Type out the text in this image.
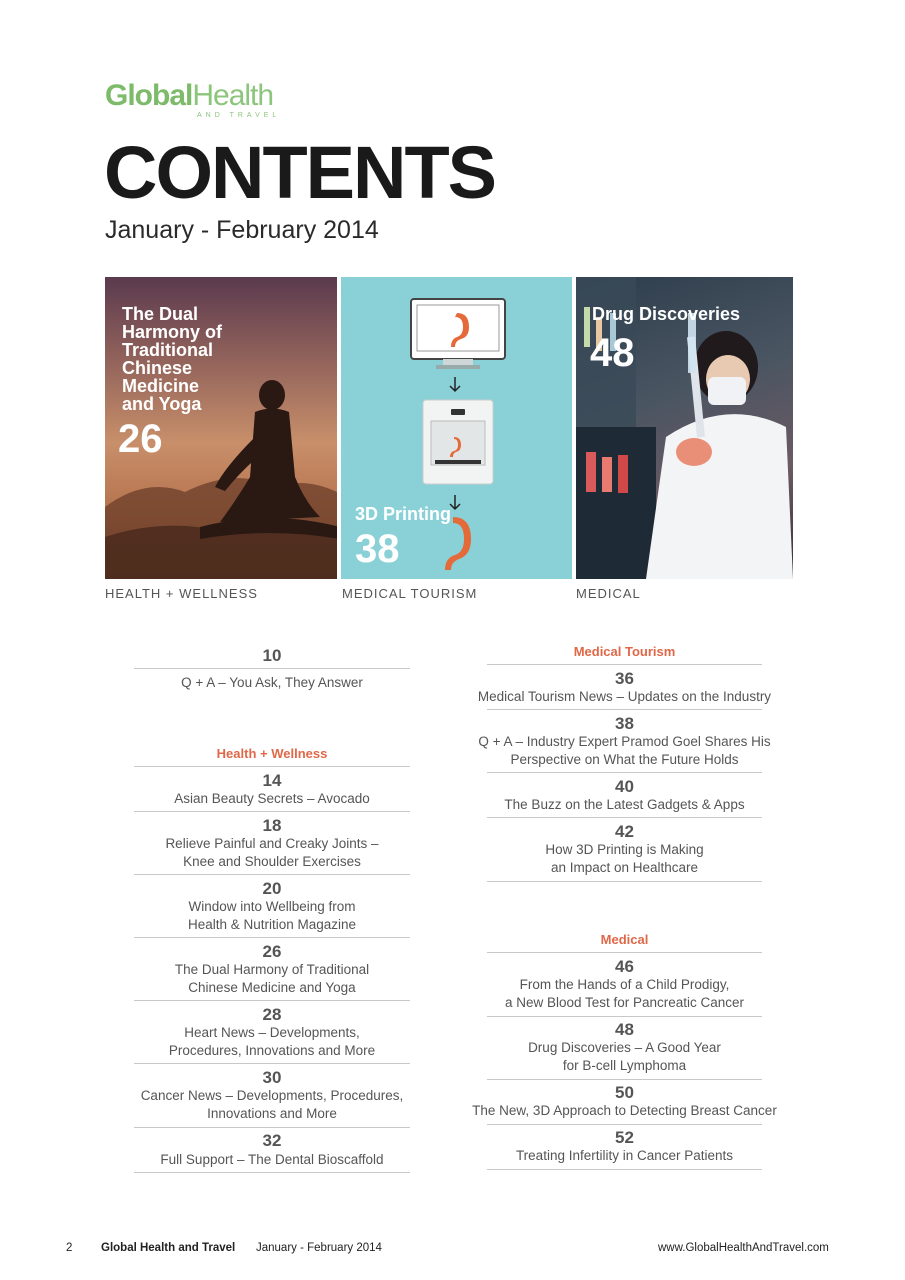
GlobalHealth
AND TRAVEL
CONTENTS
January - February 2014
The Dual
Harmony of
Traditional
Chinese
Medicine
and Yoga
26
3D Printing
38
Drug Discoveries
48
HEALTH + WELLNESS	MEDICAL TOURISM	MEDICAL
10
Q + A – You Ask, They Answer
Health + Wellness
14
Asian Beauty Secrets – Avocado
18
Relieve Painful and Creaky Joints –
Knee and Shoulder Exercises
20
Window into Wellbeing from
Health & Nutrition Magazine
26
The Dual Harmony of Traditional
Chinese Medicine and Yoga
28
Heart News – Developments,
Procedures, Innovations and More
30
Cancer News – Developments, Procedures,
Innovations and More
32
Full Support – The Dental Bioscaffold
Medical Tourism
36
Medical Tourism News – Updates on the Industry
38
Q + A – Industry Expert Pramod Goel Shares His
Perspective on What the Future Holds
40
The Buzz on the Latest Gadgets & Apps
42
How 3D Printing is Making
an Impact on Healthcare
Medical
46
From the Hands of a Child Prodigy,
a New Blood Test for Pancreatic Cancer
48
Drug Discoveries – A Good Year
for B-cell Lymphoma
50
The New, 3D Approach to Detecting Breast Cancer
52
Treating Infertility in Cancer Patients
2 Global Health and Travel January - February 2014	www.GlobalHealthAndTravel.com
